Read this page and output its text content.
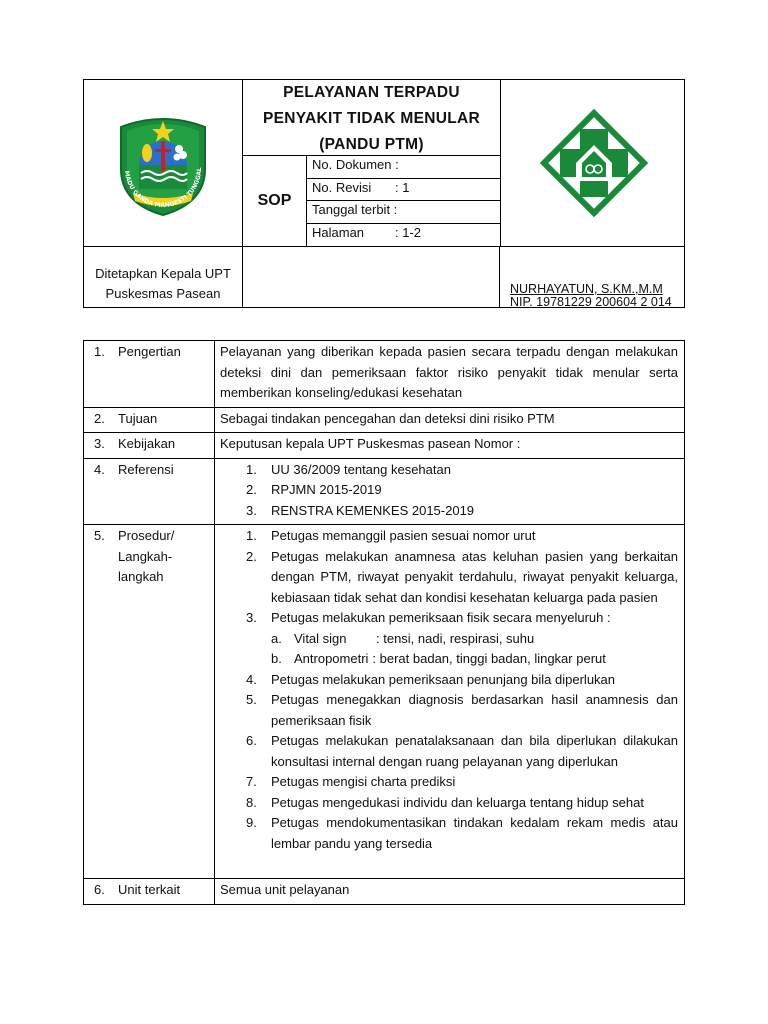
MADU GANDA MANGESTI TUNGGAL
PELAYANAN TERPADU
PENYAKIT TIDAK MENULAR
(PANDU PTM)
SOP
No. Dokumen :
No. Revisi : 1
Tanggal terbit :
Halaman : 1-2
Ditetapkan Kepala UPT
Puskesmas Pasean	NURHAYATUN, S.KM.,M.M
NIP. 19781229 200604 2 014
1.	Pengertian	Pelayanan yang diberikan kepada pasien secara terpadu dengan melakukan deteksi dini dan pemeriksaan faktor risiko penyakit tidak menular serta memberikan konseling/edukasi kesehatan
2.	Tujuan	Sebagai tindakan pencegahan dan deteksi dini risiko PTM
3.	Kebijakan	Keputusan kepala UPT Puskesmas pasean Nomor :
4.	Referensi	1.	UU 36/2009 tentang kesehatan
2.	RPJMN 2015-2019
3.	RENSTRA KEMENKES 2015-2019
5.	Prosedur/
Langkah-
langkah
1.	Petugas memanggil pasien sesuai nomor urut
2.	Petugas melakukan anamnesa atas keluhan pasien yang berkaitan dengan PTM, riwayat penyakit terdahulu, riwayat penyakit keluarga, kebiasaan tidak sehat dan kondisi kesehatan keluarga pada pasien
3.	Petugas melakukan pemeriksaan fisik secara menyeluruh :
a. Vital sign	: tensi, nadi, respirasi, suhu
b. Antropometri : berat badan, tinggi badan, lingkar perut
4.	Petugas melakukan pemeriksaan penunjang bila diperlukan
5.	Petugas menegakkan diagnosis berdasarkan hasil anamnesis dan pemeriksaan fisik
6.	Petugas melakukan penatalaksanaan dan bila diperlukan dilakukan konsultasi internal dengan ruang pelayanan yang diperlukan
7.	Petugas mengisi charta prediksi
8.	Petugas mengedukasi individu dan keluarga tentang hidup sehat
9.	Petugas mendokumentasikan tindakan kedalam rekam medis atau lembar pandu yang tersedia
6.	Unit terkait	Semua unit pelayanan
